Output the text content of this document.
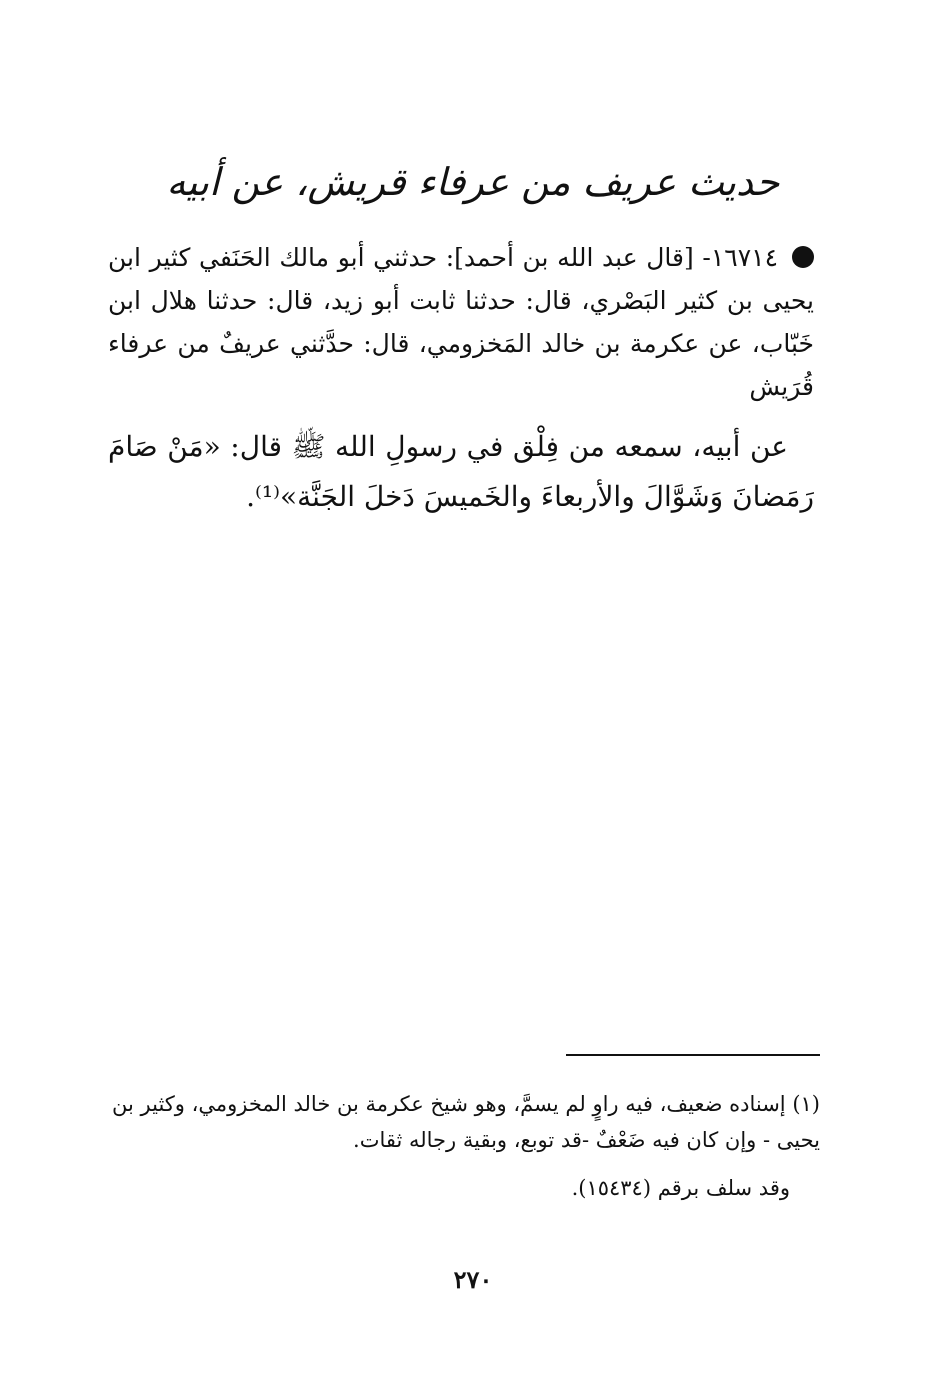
حديث عريف من عرفاء قريش، عن أبيه

١٦٧١٤- [قال عبد الله بن أحمد]: حدثني أبو مالك الحَنَفي كثير ابن يحيى بن كثير البَصْري، قال: حدثنا ثابت أبو زيد، قال: حدثنا هلال ابن خَبّاب، عن عكرمة بن خالد المَخزومي، قال: حدَّثني عريفٌ من عرفاء قُرَيش

عن أبيه، سمعه من فِلْق في رسولِ الله ﷺ قال: «مَنْ صَامَ رَمَضانَ وَشَوَّالَ والأربعاءَ والخَميسَ دَخلَ الجَنَّة»⁽¹⁾.

(١) إسناده ضعيف، فيه راوٍ لم يسمَّ، وهو شيخ عكرمة بن خالد المخزومي، وكثير بن يحيى - وإن كان فيه ضَعْفٌ -قد توبع، وبقية رجاله ثقات.

وقد سلف برقم (١٥٤٣٤).

٢٧٠
